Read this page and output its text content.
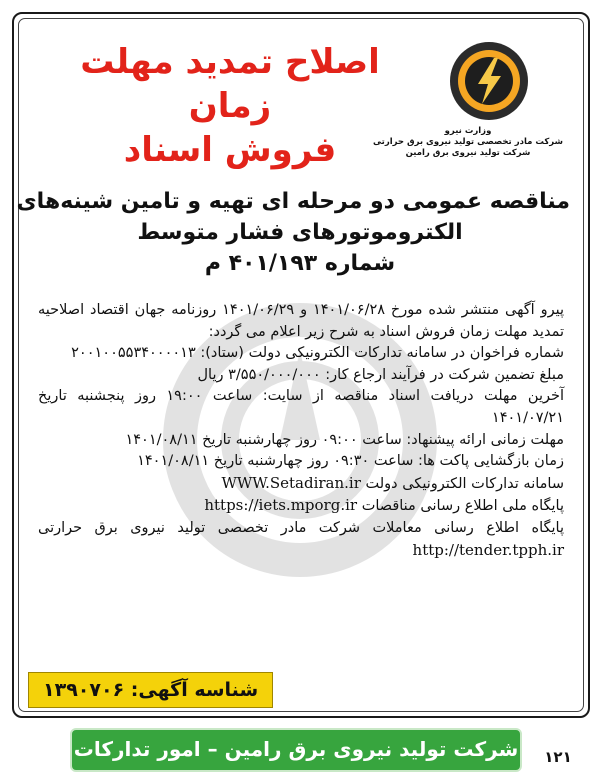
اصلاح تمدید مهلت زمان
فروش اسناد	وزارت نیرو
شرکت مادر تخصصی تولید نیروی برق حرارتی
شرکت تولید نیروی برق رامین
مناقصه عمومی دو مرحله ای تهیه و تامین شینه‌های
الکتروموتورهای فشار متوسط
شماره ۴۰۱/۱۹۳ م

پیرو آگهی منتشر شده مورخ ۱۴۰۱/۰۶/۲۸ و ۱۴۰۱/۰۶/۲۹ روزنامه جهان اقتصاد اصلاحیه تمدید مهلت زمان فروش اسناد به شرح زیر اعلام می گردد:

شماره فراخوان در سامانه تدارکات الکترونیکی دولت (ستاد): ۲۰۰۱۰۰۵۵۳۴۰۰۰۰۱۳

مبلغ تضمین شرکت در فرآیند ارجاع کار: ۳/۵۵۰/۰۰۰/۰۰۰ ریال

آخرین مهلت دریافت اسناد مناقصه از سایت: ساعت ۱۹:۰۰ روز پنجشنبه تاریخ ۱۴۰۱/۰۷/۲۱

مهلت زمانی ارائه پیشنهاد: ساعت ۰۹:۰۰ روز چهارشنبه تاریخ ۱۴۰۱/۰۸/۱۱

زمان بازگشایی پاکت ها: ساعت ۰۹:۳۰ روز چهارشنبه تاریخ ۱۴۰۱/۰۸/۱۱

سامانه تدارکات الکترونیکی دولت WWW.Setadiran.ir

پایگاه ملی اطلاع رسانی مناقصات https://iets.mporg.ir

پایگاه اطلاع رسانی معاملات شرکت مادر تخصصی تولید نیروی برق حرارتی http://tender.tpph.ir

شناسه آگهی: ۱۳۹۰۷۰۶
شرکت تولید نیروی برق رامین – امور تدارکات	۱۲۱
